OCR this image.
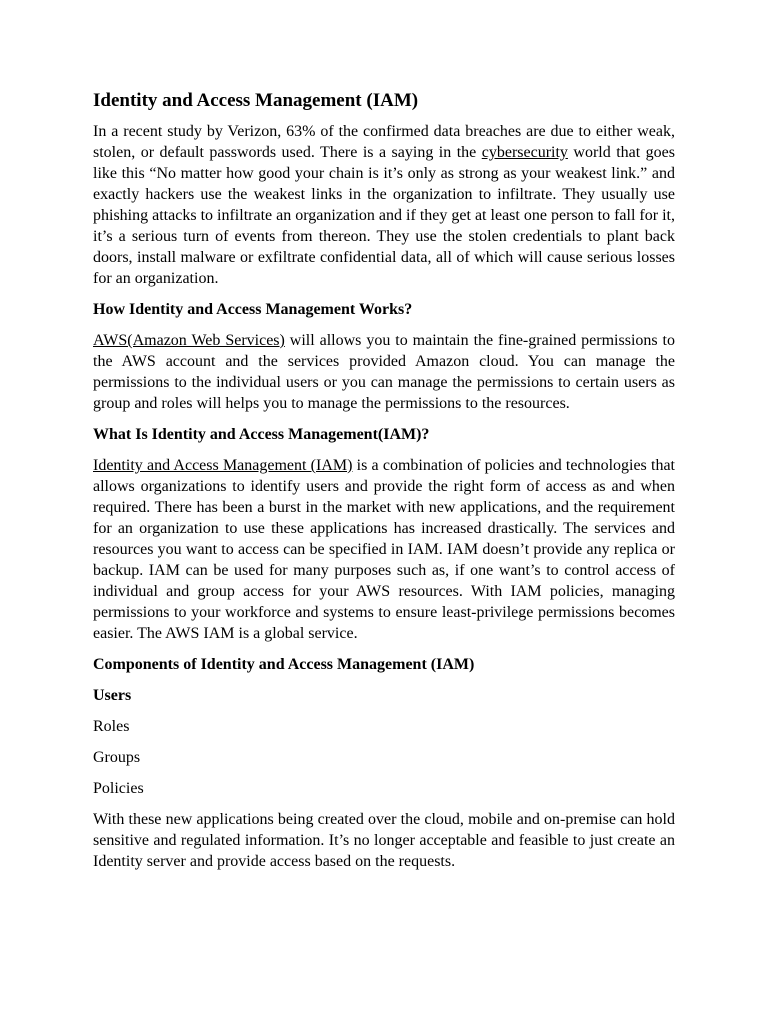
Identity and Access Management (IAM)

In a recent study by Verizon, 63% of the confirmed data breaches are due to either weak, stolen, or default passwords used. There is a saying in the cybersecurity world that goes like this “No matter how good your chain is it’s only as strong as your weakest link.” and exactly hackers use the weakest links in the organization to infiltrate. They usually use phishing attacks to infiltrate an organization and if they get at least one person to fall for it, it’s a serious turn of events from thereon. They use the stolen credentials to plant back doors, install malware or exfiltrate confidential data, all of which will cause serious losses for an organization.

How Identity and Access Management Works?

AWS(Amazon Web Services) will allows you to maintain the fine-grained permissions to the AWS account and the services provided Amazon cloud. You can manage the permissions to the individual users or you can manage the permissions to certain users as group and roles will helps you to manage the permissions to the resources.

What Is Identity and Access Management(IAM)?

Identity and Access Management (IAM) is a combination of policies and technologies that allows organizations to identify users and provide the right form of access as and when required. There has been a burst in the market with new applications, and the requirement for an organization to use these applications has increased drastically. The services and resources you want to access can be specified in IAM. IAM doesn’t provide any replica or backup. IAM can be used for many purposes such as, if one want’s to control access of individual and group access for your AWS resources. With IAM policies, managing permissions to your workforce and systems to ensure least-privilege permissions becomes easier. The AWS IAM is a global service.

Components of Identity and Access Management (IAM)
Users
Roles
Groups
Policies

With these new applications being created over the cloud, mobile and on-premise can hold sensitive and regulated information. It’s no longer acceptable and feasible to just create an Identity server and provide access based on the requests.
